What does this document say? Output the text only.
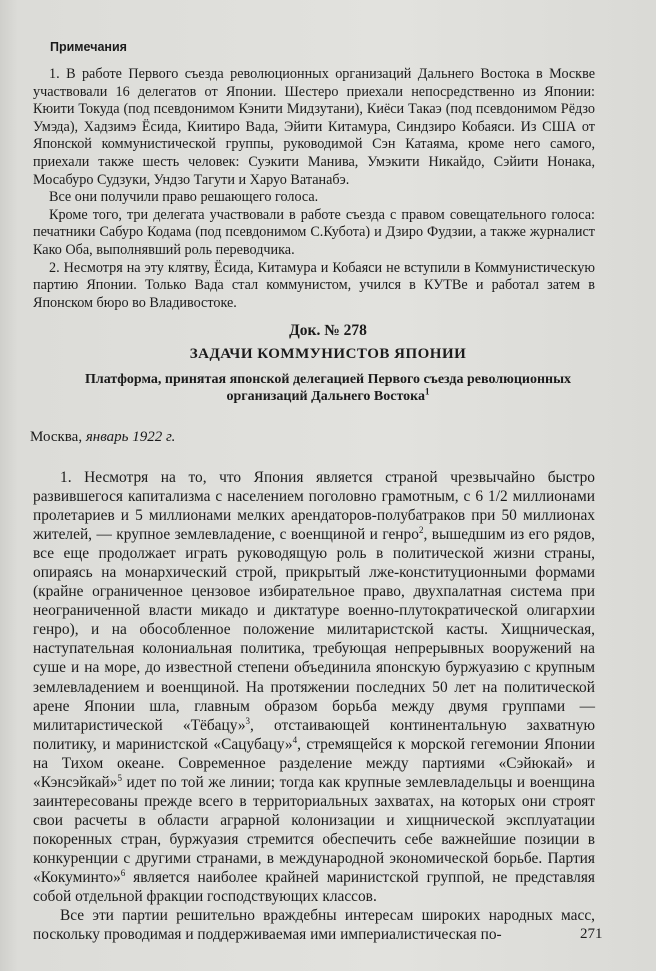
Примечания

1. В работе Первого съезда революционных организаций Дальнего Востока в Москве участвовали 16 делегатов от Японии. Шестеро приехали непосредственно из Японии: Кюити Токуда (под псевдонимом Кэнити Мидзутани), Киёси Такаэ (под псевдонимом Рёдзо Умэда), Хадзимэ Ёсида, Киитиро Вада, Эйити Китамура, Синдзиро Кобаяси. Из США от Японской коммунистической группы, руководимой Сэн Катаяма, кроме него самого, приехали также шесть человек: Суэкити Манива, Умэкити Никайдо, Сэйити Нонака, Мосабуро Судзуки, Ундзо Тагути и Харуо Ватанабэ.

Все они получили право решающего голоса.

Кроме того, три делегата участвовали в работе съезда с правом совещательного голоса: печатники Сабуро Кодама (под псевдонимом С.Кубота) и Дзиро Фудзии, а также журналист Како Оба, выполнявший роль переводчика.

2. Несмотря на эту клятву, Ёсида, Китамура и Кобаяси не вступили в Коммунистическую партию Японии. Только Вада стал коммунистом, учился в КУТВе и работал затем в Японском бюро во Владивостоке.

Док. № 278
ЗАДАЧИ КОММУНИСТОВ ЯПОНИИ
Платформа, принятая японской делегацией Первого съезда революционных организаций Дальнего Востока$^1$
Москва, январь 1922 г.

1. Несмотря на то, что Япония является страной чрезвычайно быстро развившегося капитализма с населением поголовно грамотным, с 6 1/2 миллионами пролетариев и 5 миллионами мелких арендаторов-полубатраков при 50 миллионах жителей, — крупное землевладение, с военщиной и генро$^2$, вышедшим из его рядов, все еще продолжает играть руководящую роль в политической жизни страны, опираясь на монархический строй, прикрытый лже-конституционными формами (крайне ограниченное цензовое избирательное право, двухпалатная система при неограниченной власти микадо и диктатуре военно-плутократической олигархии генро), и на обособленное положение милитаристской касты. Хищническая, наступательная колониальная политика, требующая непрерывных вооружений на суше и на море, до известной степени объединила японскую буржуазию с крупным землевладением и военщиной. На протяжении последних 50 лет на политической арене Японии шла, главным образом борьба между двумя группами — милитаристической «Тёбацу»$^3$, отстаивающей континентальную захватную политику, и маринистской «Сацубацу»$^4$, стремящейся к морской гегемонии Японии на Тихом океане. Современное разделение между партиями «Сэйюкай» и «Кэнсэйкай»$^5$ идет по той же линии; тогда как крупные землевладельцы и военщина заинтересованы прежде всего в территориальных захватах, на которых они строят свои расчеты в области аграрной колонизации и хищнической эксплуатации покоренных стран, буржуазия стремится обеспечить себе важнейшие позиции в конкуренции с другими странами, в международной экономической борьбе. Партия «Кокуминто»$^6$ является наиболее крайней маринистской группой, не представляя собой отдельной фракции господствующих классов.

Все эти партии решительно враждебны интересам широких народных масс, поскольку проводимая и поддерживаемая ими империалистическая по-	271
